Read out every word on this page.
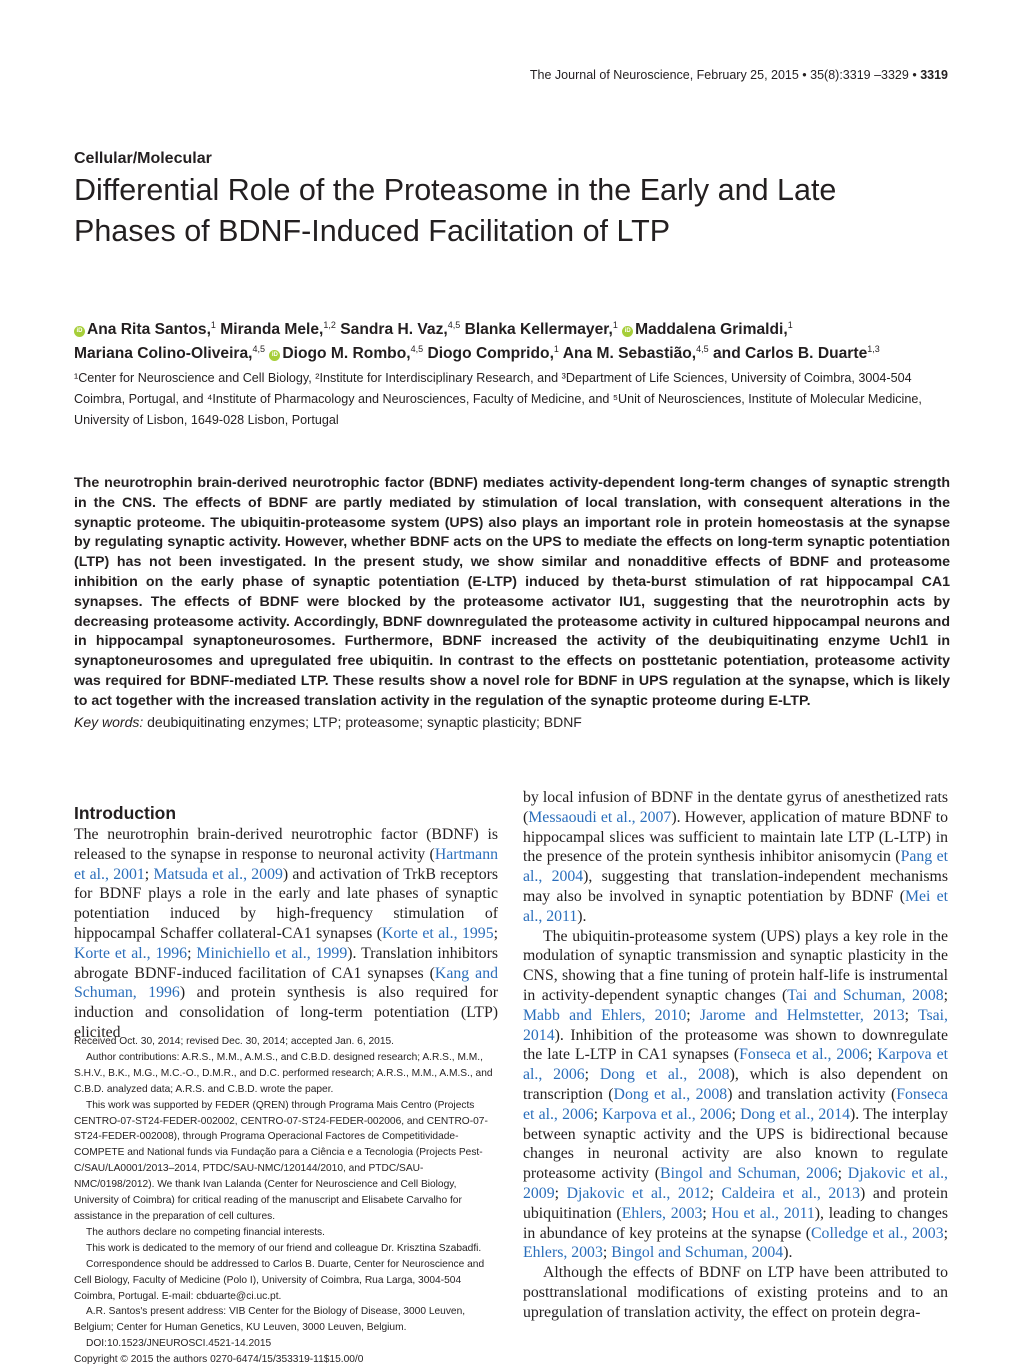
The Journal of Neuroscience, February 25, 2015 • 35(8):3319 –3329 • 3319
Cellular/Molecular
Differential Role of the Proteasome in the Early and Late
Phases of BDNF-Induced Facilitation of LTP
iD Ana Rita Santos,$^1$ Miranda Mele,$^{1,2}$ Sandra H. Vaz,$^{4,5}$ Blanka Kellermayer,$^1$ iD Maddalena Grimaldi,$^1$
Mariana Colino-Oliveira,$^{4,5}$ iD Diogo M. Rombo,$^{4,5}$ Diogo Comprido,$^1$ Ana M. Sebastião,$^{4,5}$ and Carlos B. Duarte$^{1,3}$
¹Center for Neuroscience and Cell Biology, ²Institute for Interdisciplinary Research, and ³Department of Life Sciences, University of Coimbra, 3004-504
Coimbra, Portugal, and ⁴Institute of Pharmacology and Neurosciences, Faculty of Medicine, and ⁵Unit of Neurosciences, Institute of Molecular Medicine,
University of Lisbon, 1649-028 Lisbon, Portugal
The neurotrophin brain-derived neurotrophic factor (BDNF) mediates activity-dependent long-term changes of synaptic strength in the CNS. The effects of BDNF are partly mediated by stimulation of local translation, with consequent alterations in the synaptic proteome. The ubiquitin-proteasome system (UPS) also plays an important role in protein homeostasis at the synapse by regulating synaptic activity. However, whether BDNF acts on the UPS to mediate the effects on long-term synaptic potentiation (LTP) has not been investigated. In the present study, we show similar and nonadditive effects of BDNF and proteasome inhibition on the early phase of synaptic potentiation (E-LTP) induced by theta-burst stimulation of rat hippocampal CA1 synapses. The effects of BDNF were blocked by the proteasome activator IU1, suggesting that the neurotrophin acts by decreasing proteasome activity. Accordingly, BDNF downregulated the proteasome activity in cultured hippocampal neurons and in hippocampal synaptoneurosomes. Furthermore, BDNF increased the activity of the deubiquitinating enzyme Uchl1 in synaptoneurosomes and upregulated free ubiquitin. In contrast to the effects on posttetanic potentiation, proteasome activity was required for BDNF-mediated LTP. These results show a novel role for BDNF in UPS regulation at the synapse, which is likely to act together with the increased translation activity in the regulation of the synaptic proteome during E-LTP.
Key words: deubiquitinating enzymes; LTP; proteasome; synaptic plasticity; BDNF
Introduction

The neurotrophin brain-derived neurotrophic factor (BDNF) is released to the synapse in response to neuronal activity (Hartmann et al., 2001; Matsuda et al., 2009) and activation of TrkB receptors for BDNF plays a role in the early and late phases of synaptic potentiation induced by high-frequency stimulation of hippocampal Schaffer collateral-CA1 synapses (Korte et al., 1995; Korte et al., 1996; Minichiello et al., 1999). Translation inhibitors abrogate BDNF-induced facilitation of CA1 synapses (Kang and Schuman, 1996) and protein synthesis is also required for induction and consolidation of long-term potentiation (LTP) elicited

by local infusion of BDNF in the dentate gyrus of anesthetized rats (Messaoudi et al., 2007). However, application of mature BDNF to hippocampal slices was sufficient to maintain late LTP (L-LTP) in the presence of the protein synthesis inhibitor anisomycin (Pang et al., 2004), suggesting that translation-independent mechanisms may also be involved in synaptic potentiation by BDNF (Mei et al., 2011).

The ubiquitin-proteasome system (UPS) plays a key role in the modulation of synaptic transmission and synaptic plasticity in the CNS, showing that a fine tuning of protein half-life is instrumental in activity-dependent synaptic changes (Tai and Schuman, 2008; Mabb and Ehlers, 2010; Jarome and Helmstetter, 2013; Tsai, 2014). Inhibition of the proteasome was shown to downregulate the late L-LTP in CA1 synapses (Fonseca et al., 2006; Karpova et al., 2006; Dong et al., 2008), which is also dependent on transcription (Dong et al., 2008) and translation activity (Fonseca et al., 2006; Karpova et al., 2006; Dong et al., 2014). The interplay between synaptic activity and the UPS is bidirectional because changes in neuronal activity are also known to regulate proteasome activity (Bingol and Schuman, 2006; Djakovic et al., 2009; Djakovic et al., 2012; Caldeira et al., 2013) and protein ubiquitination (Ehlers, 2003; Hou et al., 2011), leading to changes in abundance of key proteins at the synapse (Colledge et al., 2003; Ehlers, 2003; Bingol and Schuman, 2004).

Although the effects of BDNF on LTP have been attributed to posttranslational modifications of existing proteins and to an upregulation of translation activity, the effect on protein degra-

Received Oct. 30, 2014; revised Dec. 30, 2014; accepted Jan. 6, 2015.

Author contributions: A.R.S., M.M., A.M.S., and C.B.D. designed research; A.R.S., M.M., S.H.V., B.K., M.G., M.C.-O., D.M.R., and D.C. performed research; A.R.S., M.M., A.M.S., and C.B.D. analyzed data; A.R.S. and C.B.D. wrote the paper.

This work was supported by FEDER (QREN) through Programa Mais Centro (Projects CENTRO-07-ST24-FEDER-002002, CENTRO-07-ST24-FEDER-002006, and CENTRO-07-ST24-FEDER-002008), through Programa Operacional Factores de Competitividade- COMPETE and National funds via Fundação para a Ciência e a Tecnologia (Projects Pest-C/SAU/LA0001/2013–2014, PTDC/SAU-NMC/120144/2010, and PTDC/SAU-NMC/0198/2012). We thank Ivan Lalanda (Center for Neuroscience and Cell Biology, University of Coimbra) for critical reading of the manuscript and Elisabete Carvalho for assistance in the preparation of cell cultures.

The authors declare no competing financial interests.

This work is dedicated to the memory of our friend and colleague Dr. Krisztina Szabadfi.

Correspondence should be addressed to Carlos B. Duarte, Center for Neuroscience and Cell Biology, Faculty of Medicine (Polo I), University of Coimbra, Rua Larga, 3004-504 Coimbra, Portugal. E-mail: cbduarte@ci.uc.pt.

A.R. Santos's present address: VIB Center for the Biology of Disease, 3000 Leuven, Belgium; Center for Human Genetics, KU Leuven, 3000 Leuven, Belgium.

DOI:10.1523/JNEUROSCI.4521-14.2015

Copyright © 2015 the authors 0270-6474/15/353319-11$15.00/0
